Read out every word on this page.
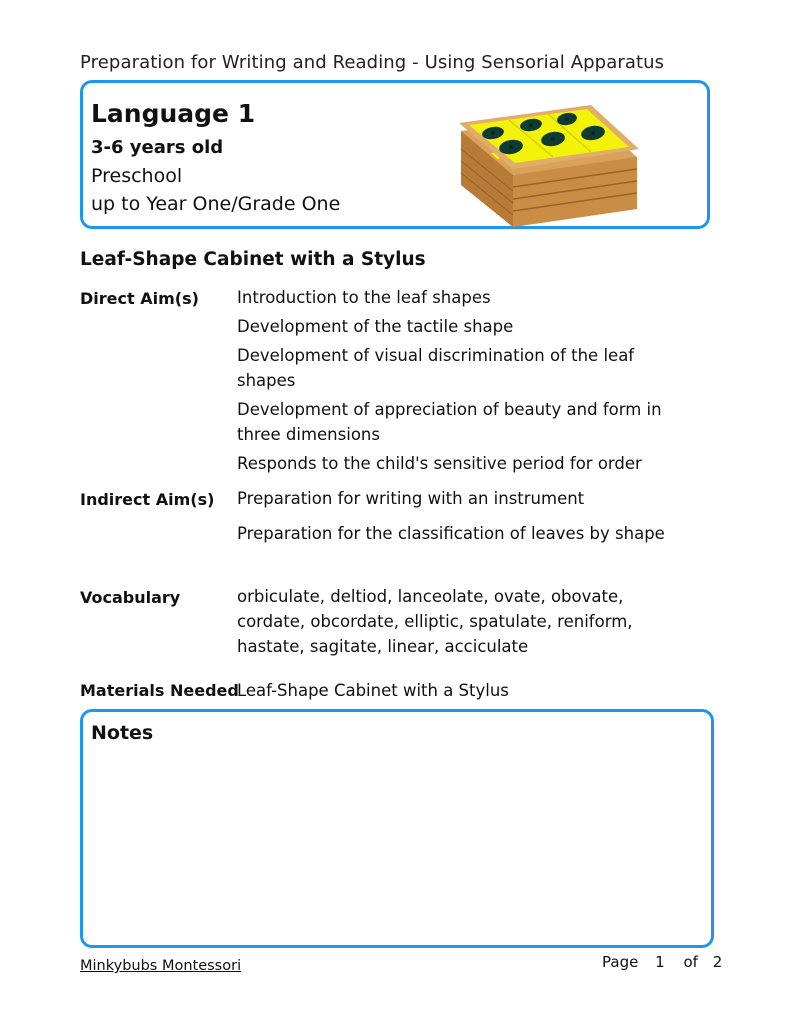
Preparation for Writing and Reading - Using Sensorial Apparatus
Language 1
3-6 years old
Preschool
up to Year One/Grade One
Leaf-Shape Cabinet with a Stylus
Direct Aim(s) Introduction to the leaf shapes
Development of the tactile shape
Development of visual discrimination of the leaf shapes
Development of appreciation of beauty and form in three dimensions
Responds to the child's sensitive period for order
Indirect Aim(s) Preparation for writing with an instrument
Preparation for the classification of leaves by shape
Vocabulary	orbiculate, deltiod, lanceolate, ovate, obovate, cordate, obcordate, elliptic, spatulate, reniform, hastate, sagitate, linear, acciculate
Materials Needed
Leaf-Shape Cabinet with a Stylus
Notes
Minkybubs Montessori	Page 1 of 2
